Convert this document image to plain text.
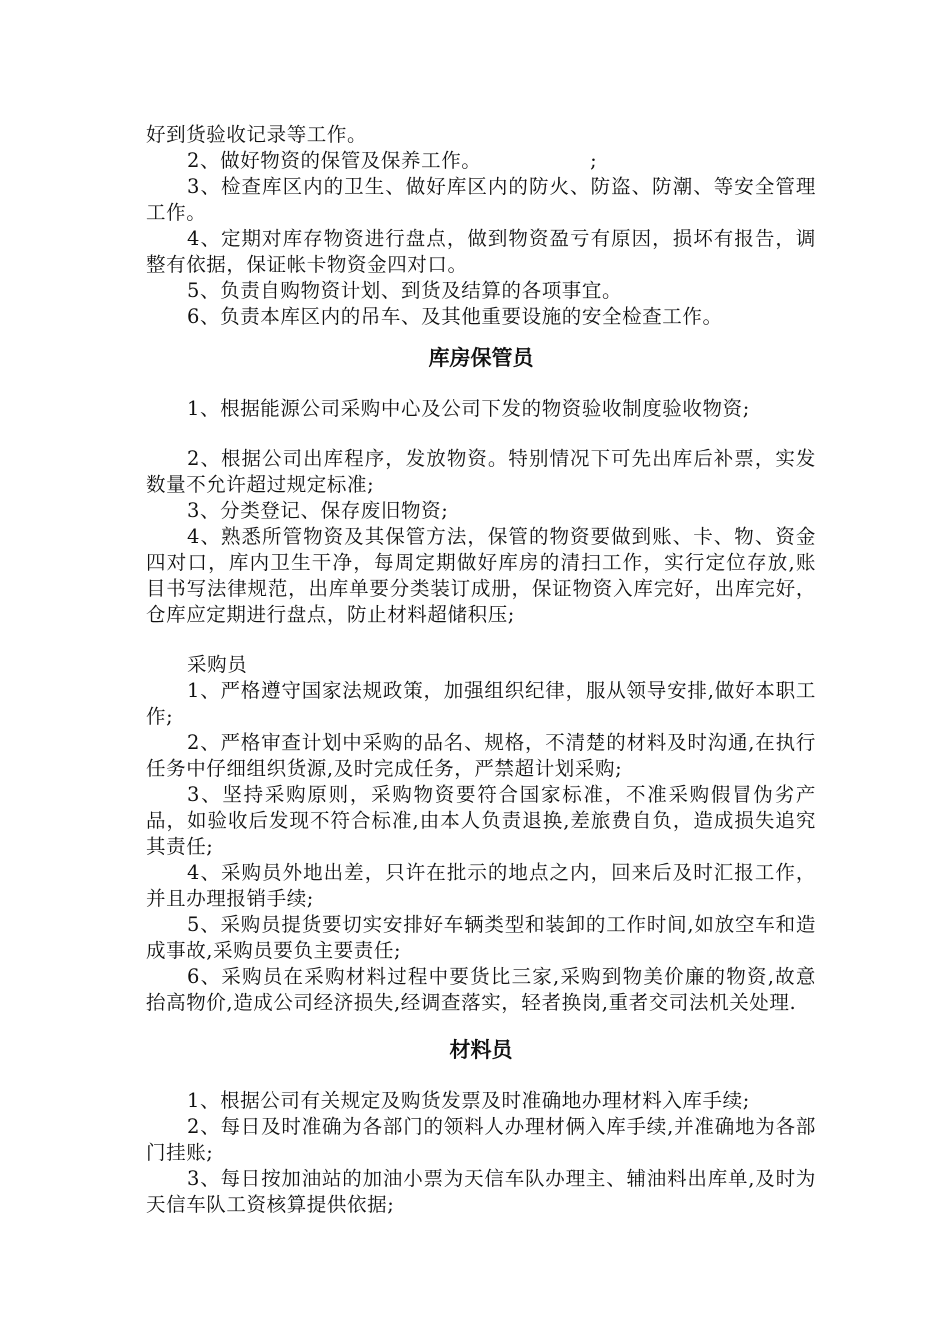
好到货验收记录等工作。

2、做好物资的保管及保养工作。                ;

3、检查库区内的卫生、做好库区内的防火、防盗、防潮、等安全管理工作。

4、定期对库存物资进行盘点，做到物资盈亏有原因，损坏有报告，调整有依据，保证帐卡物资金四对口。

5、负责自购物资计划、到货及结算的各项事宜。

6、负责本库区内的吊车、及其他重要设施的安全检查工作。

库房保管员

1、根据能源公司采购中心及公司下发的物资验收制度验收物资;

2、根据公司出库程序，发放物资。特别情况下可先出库后补票，实发数量不允许超过规定标准;

3、分类登记、保存废旧物资;

4、熟悉所管物资及其保管方法，保管的物资要做到账、卡、物、资金四对口，库内卫生干净，每周定期做好库房的清扫工作，实行定位存放,账目书写法律规范，出库单要分类装订成册，保证物资入库完好，出库完好，仓库应定期进行盘点，防止材料超储积压;

采购员

1、严格遵守国家法规政策，加强组织纪律，服从领导安排,做好本职工作;

2、严格审查计划中采购的品名、规格，不清楚的材料及时沟通,在执行任务中仔细组织货源,及时完成任务，严禁超计划采购;

3、坚持采购原则，采购物资要符合国家标准，不准采购假冒伪劣产品，如验收后发现不符合标准,由本人负责退换,差旅费自负，造成损失追究其责任;

4、采购员外地出差，只许在批示的地点之内，回来后及时汇报工作，并且办理报销手续;

5、采购员提货要切实安排好车辆类型和装卸的工作时间,如放空车和造成事故,采购员要负主要责任;

6、采购员在采购材料过程中要货比三家,采购到物美价廉的物资,故意抬高物价,造成公司经济损失,经调查落实，轻者换岗,重者交司法机关处理.

材料员

1、根据公司有关规定及购货发票及时准确地办理材料入库手续;

2、每日及时准确为各部门的领料人办理材俩入库手续,并准确地为各部门挂账;

3、每日按加油站的加油小票为天信车队办理主、辅油料出库单,及时为天信车队工资核算提供依据;
